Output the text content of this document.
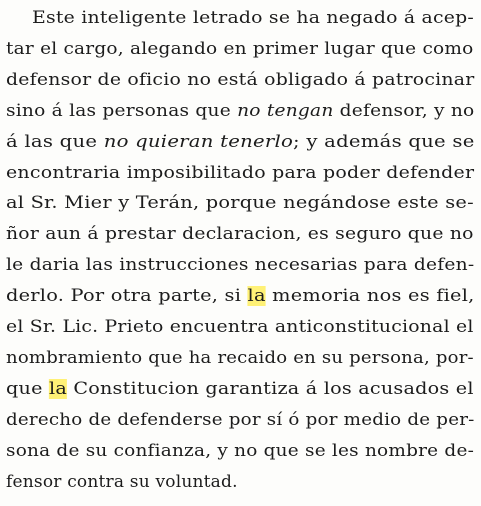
Este inteligente letrado se ha negado á acep-
tar el cargo, alegando en primer lugar que como
defensor de oficio no está obligado á patrocinar
sino á las personas que no tengan defensor, y no
á las que no quieran tenerlo; y además que se
encontraria imposibilitado para poder defender
al Sr. Mier y Terán, porque negándose este se-
ñor aun á prestar declaracion, es seguro que no
le daria las instrucciones necesarias para defen-
derlo. Por otra parte, si la memoria nos es fiel,
el Sr. Lic. Prieto encuentra anticonstitucional el
nombramiento que ha recaido en su persona, por-
que la Constitucion garantiza á los acusados el
derecho de defenderse por sí ó por medio de per-
sona de su confianza, y no que se les nombre de-
fensor contra su voluntad.
